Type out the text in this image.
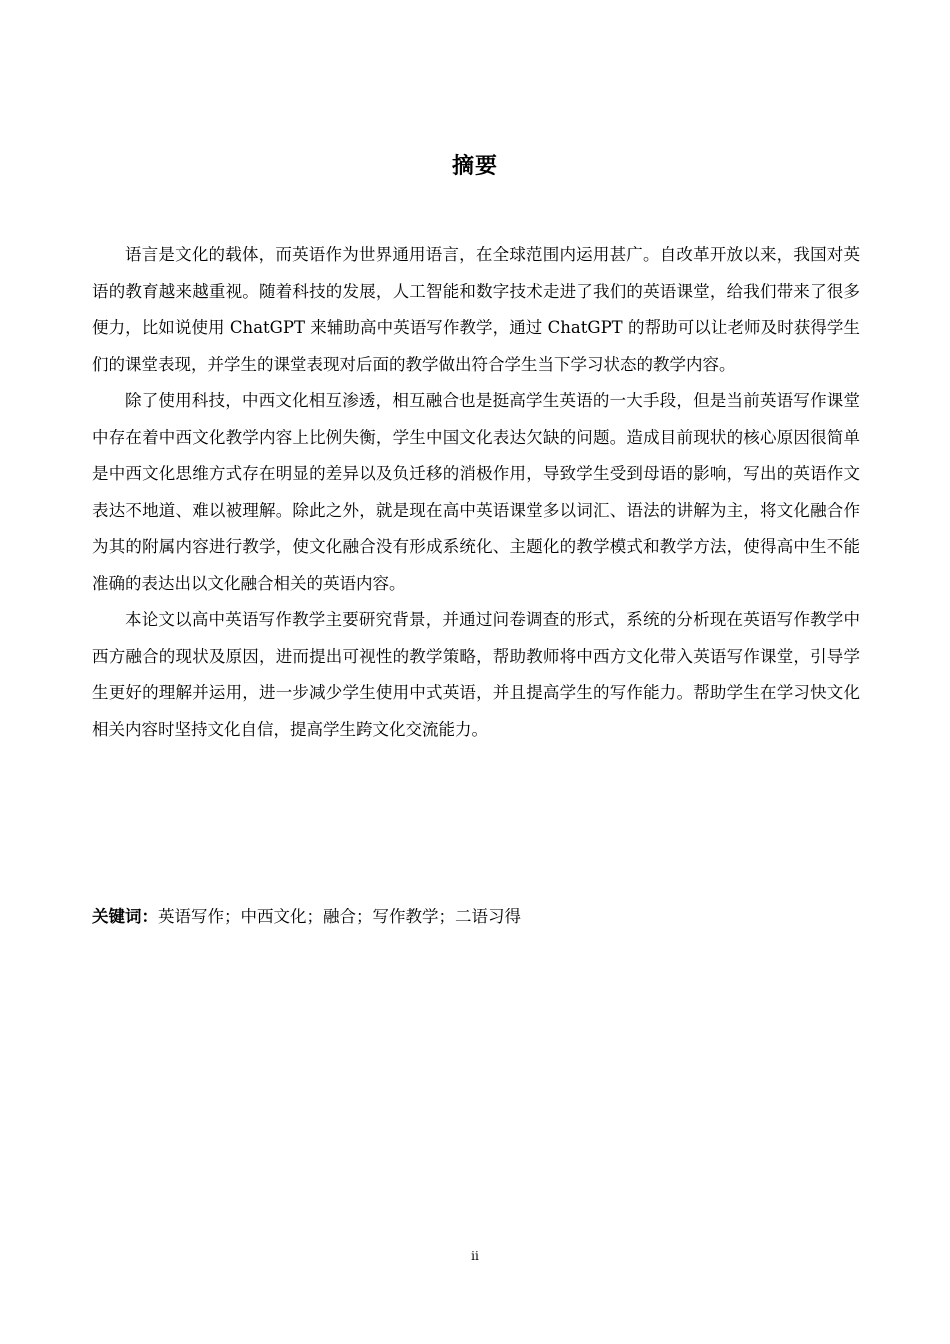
摘要

语言是文化的载体，而英语作为世界通用语言，在全球范围内运用甚广。自改革开放以来，我国对英语的教育越来越重视。随着科技的发展，人工智能和数字技术走进了我们的英语课堂，给我们带来了很多便力，比如说使用 ChatGPT 来辅助高中英语写作教学，通过 ChatGPT 的帮助可以让老师及时获得学生们的课堂表现，并学生的课堂表现对后面的教学做出符合学生当下学习状态的教学内容。

除了使用科技，中西文化相互渗透，相互融合也是挺高学生英语的一大手段，但是当前英语写作课堂中存在着中西文化教学内容上比例失衡，学生中国文化表达欠缺的问题。造成目前现状的核心原因很简单是中西文化思维方式存在明显的差异以及负迁移的消极作用，导致学生受到母语的影响，写出的英语作文表达不地道、难以被理解。除此之外，就是现在高中英语课堂多以词汇、语法的讲解为主，将文化融合作为其的附属内容进行教学，使文化融合没有形成系统化、主题化的教学模式和教学方法，使得高中生不能准确的表达出以文化融合相关的英语内容。

本论文以高中英语写作教学主要研究背景，并通过问卷调查的形式，系统的分析现在英语写作教学中西方融合的现状及原因，进而提出可视性的教学策略，帮助教师将中西方文化带入英语写作课堂，引导学生更好的理解并运用，进一步减少学生使用中式英语，并且提高学生的写作能力。帮助学生在学习快文化相关内容时坚持文化自信，提高学生跨文化交流能力。

关键词：英语写作；中西文化；融合；写作教学；二语习得
ii
